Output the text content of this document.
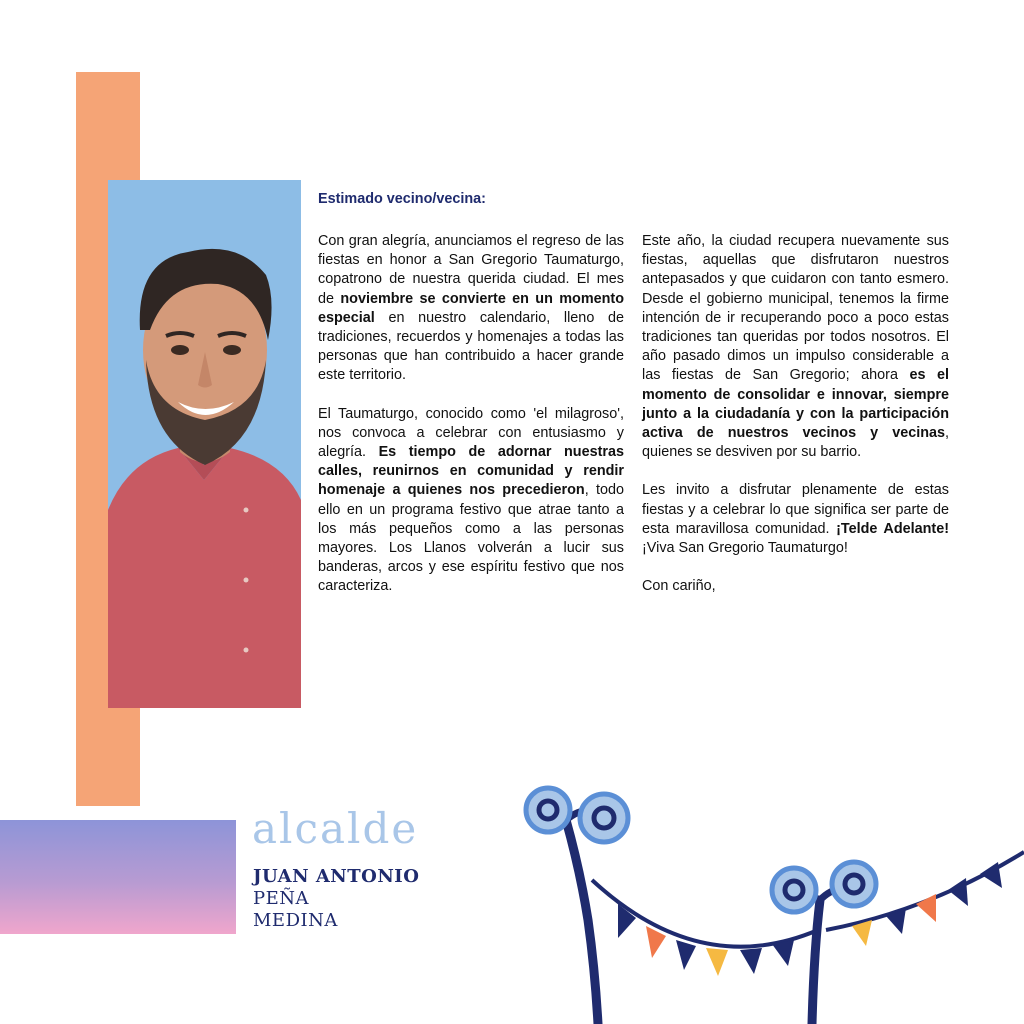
Estimado vecino/vecina:

Con gran alegría, anunciamos el regreso de las fiestas en honor a San Gregorio Taumaturgo, copatrono de nuestra querida ciudad. El mes de noviembre se convierte en un momento especial en nuestro calendario, lleno de tradiciones, recuerdos y homenajes a todas las personas que han contribuido a hacer grande este territorio.

El Taumaturgo, conocido como 'el milagroso', nos convoca a celebrar con entusiasmo y alegría. Es tiempo de adornar nuestras calles, reunirnos en comunidad y rendir homenaje a quienes nos precedieron, todo ello en un programa festivo que atrae tanto a los más pequeños como a las personas mayores. Los Llanos volverán a lucir sus banderas, arcos y ese espíritu festivo que nos caracteriza.

Este año, la ciudad recupera nuevamente sus fiestas, aquellas que disfrutaron nuestros antepasados y que cuidaron con tanto esmero. Desde el gobierno municipal, tenemos la firme intención de ir recuperando poco a poco estas tradiciones tan queridas por todos nosotros. El año pasado dimos un impulso considerable a las fiestas de San Gregorio; ahora es el momento de consolidar e innovar, siempre junto a la ciudadanía y con la participación activa de nuestros vecinos y vecinas, quienes se desviven por su barrio.

Les invito a disfrutar plenamente de estas fiestas y a celebrar lo que significa ser parte de esta maravillosa comunidad. ¡Telde Adelante! ¡Viva San Gregorio Taumaturgo!

Con cariño,

alcalde
JUAN ANTONIO
PEÑA
MEDINA
